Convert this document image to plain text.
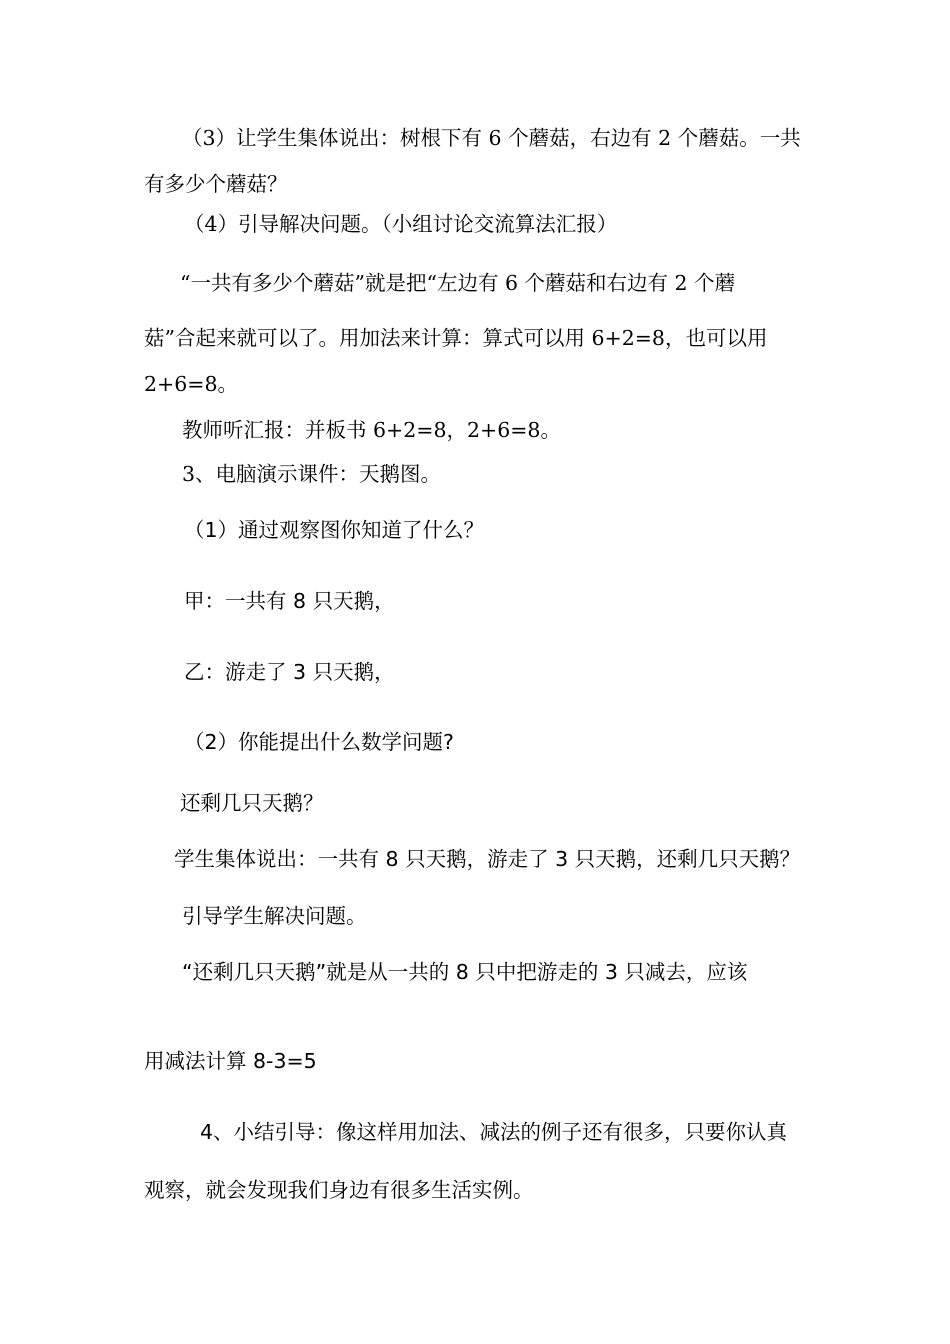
（3）让学生集体说出：树根下有 6 个蘑菇，右边有 2 个蘑菇。一共
有多少个蘑菇？
（4）引导解决问题。（小组讨论交流算法汇报）
“一共有多少个蘑菇”就是把“左边有 6 个蘑菇和右边有 2 个蘑
菇”合起来就可以了。用加法来计算：算式可以用 6+2=8，也可以用
2+6=8。
教师听汇报：并板书 6+2=8，2+6=8。
3、电脑演示课件：天鹅图。
（1）通过观察图你知道了什么？
甲：一共有 8 只天鹅，
乙：游走了 3 只天鹅，
（2）你能提出什么数学问题?
还剩几只天鹅？
学生集体说出：一共有 8 只天鹅，游走了 3 只天鹅，还剩几只天鹅？
引导学生解决问题。
“还剩几只天鹅”就是从一共的 8 只中把游走的 3 只减去，应该
用减法计算 8-3=5
4、小结引导：像这样用加法、减法的例子还有很多，只要你认真
观察，就会发现我们身边有很多生活实例。
